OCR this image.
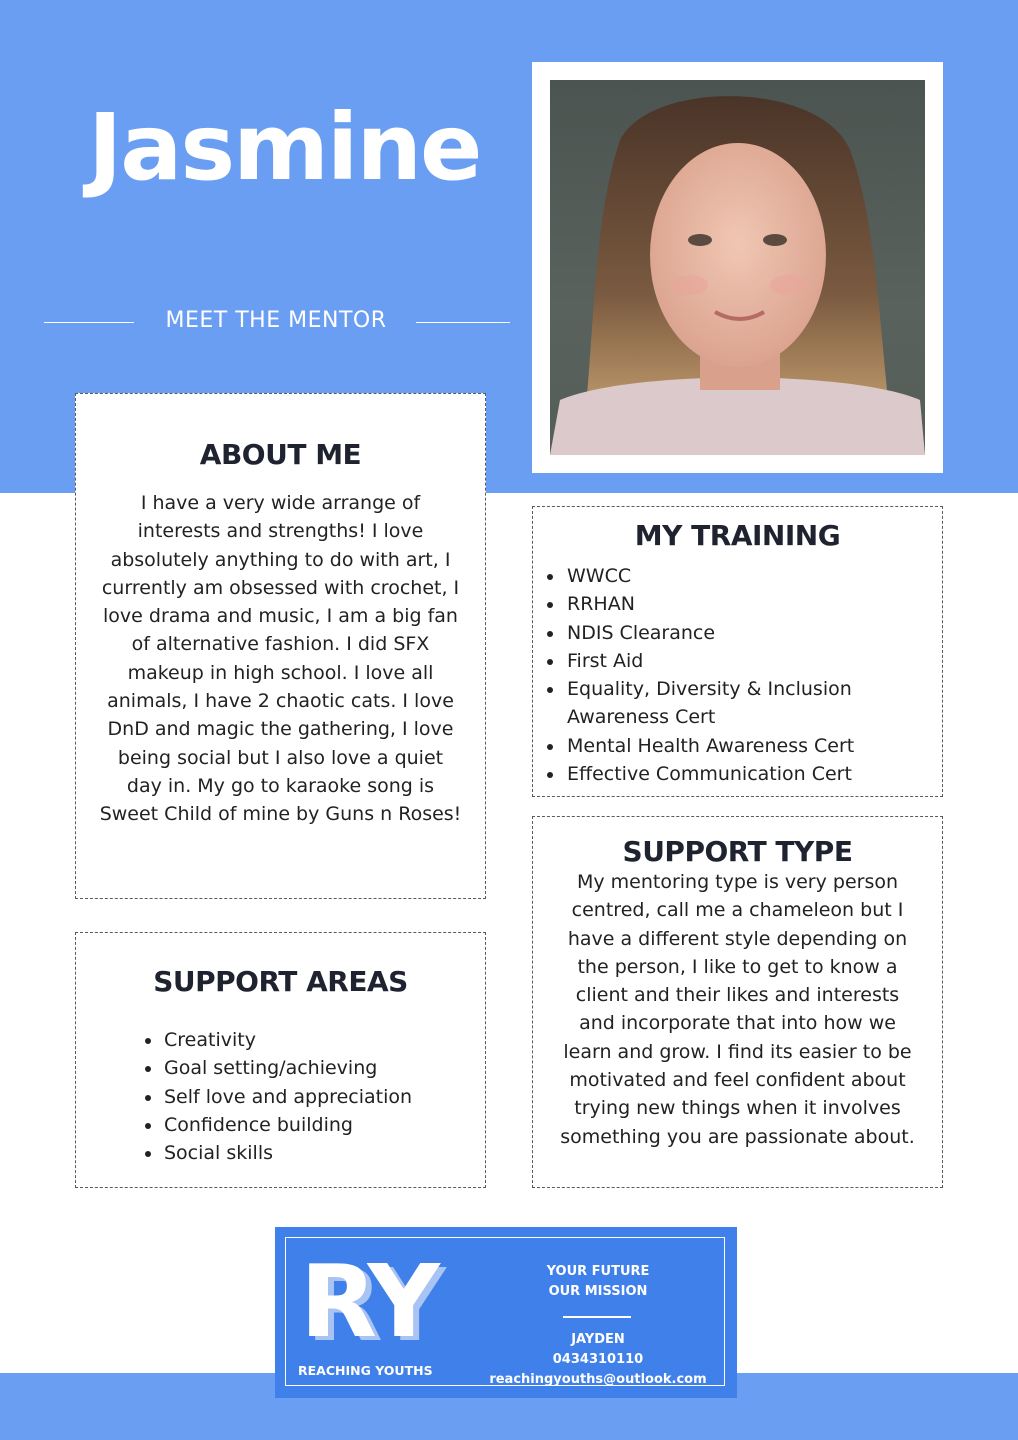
Jasmine
MEET THE MENTOR
ABOUT ME

I have a very wide arrange of interests and strengths! I love absolutely anything to do with art, I currently am obsessed with crochet, I love drama and music, I am a big fan of alternative fashion. I did SFX makeup in high school. I love all animals, I have 2 chaotic cats. I love DnD and magic the gathering, I love being social but I also love a quiet day in. My go to karaoke song is Sweet Child of mine by Guns n Roses!

MY TRAINING
WWCC
RRHAN
NDIS Clearance
First Aid
Equality, Diversity & Inclusion Awareness Cert
Mental Health Awareness Cert
Effective Communication Cert
SUPPORT AREAS
Creativity
Goal setting/achieving
Self love and appreciation
Confidence building
Social skills
SUPPORT TYPE

My mentoring type is very person centred, call me a chameleon but I have a different style depending on the person, I like to get to know a client and their likes and interests and incorporate that into how we learn and grow. I find its easier to be motivated and feel confident about trying new things when it involves something you are passionate about.

RY
REACHING YOUTHS
YOUR FUTURE
OUR MISSION
JAYDEN
0434310110
reachingyouths@outlook.com
